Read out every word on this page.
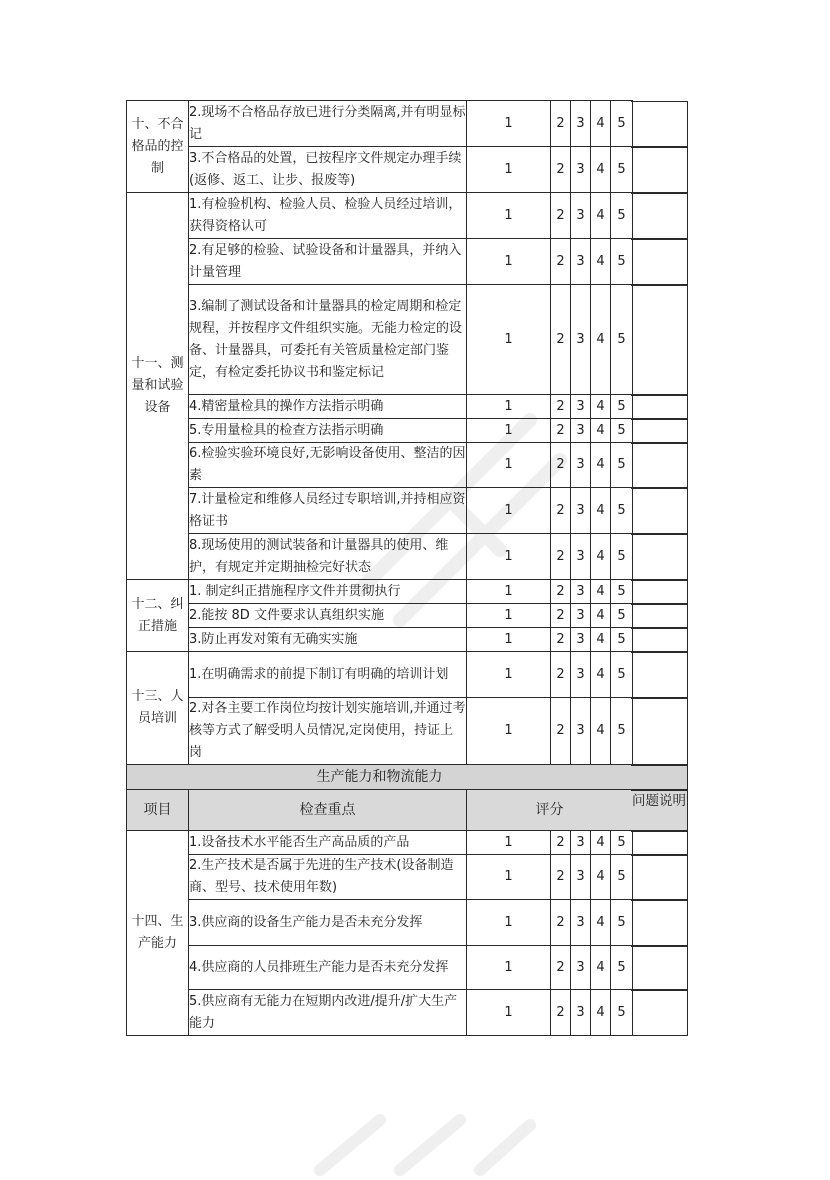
十、不合格品的控制	2.现场不合格品存放已进行分类隔离,并有明显标记	1	2	3	4	5
	3.不合格品的处置，已按程序文件规定办理手续(返修、返工、让步、报废等)	1	2	3	4	5
十一、测量和试验设备	1.有检验机构、检验人员、检验人员经过培训，获得资格认可	1	2	3	4	5
	2.有足够的检验、试验设备和计量器具，并纳入计量管理	1	2	3	4	5
	3.编制了测试设备和计量器具的检定周期和检定规程，并按程序文件组织实施。无能力检定的设备、计量器具，可委托有关管质量检定部门鉴定，有检定委托协议书和鉴定标记	1	2	3	4	5
	4.精密量检具的操作方法指示明确	1	2	3	4	5
	5.专用量检具的检查方法指示明确	1	2	3	4	5
	6.检验实验环境良好,无影响设备使用、整洁的因素	1	2	3	4	5
	7.计量检定和维修人员经过专职培训,并持相应资格证书	1	2	3	4	5
	8.现场使用的测试装备和计量器具的使用、维护，有规定并定期抽检完好状态	1	2	3	4	5
十二、纠正措施	1. 制定纠正措施程序文件并贯彻执行	1	2	3	4	5
	2.能按 8D 文件要求认真组织实施	1	2	3	4	5
	3.防止再发对策有无确实实施	1	2	3	4	5
十三、人员培训	1.在明确需求的前提下制订有明确的培训计划	1	2	3	4	5
	2.对各主要工作岗位均按计划实施培训,并通过考核等方式了解受明人员情况,定岗使用，持证上岗	1	2	3	4	5
生产能力和物流能力						
项目	检查重点	评分				
十四、生产能力	1.设备技术水平能否生产高品质的产品	1	2	3	4	5
	2.生产技术是否属于先进的生产技术(设备制造商、型号、技术使用年数)	1	2	3	4	5
	3.供应商的设备生产能力是否未充分发挥	1	2	3	4	5
	4.供应商的人员排班生产能力是否未充分发挥	1	2	3	4	5
	5.供应商有无能力在短期内改进/提升/扩大生产能力	1	2	3	4	5
问题说明
